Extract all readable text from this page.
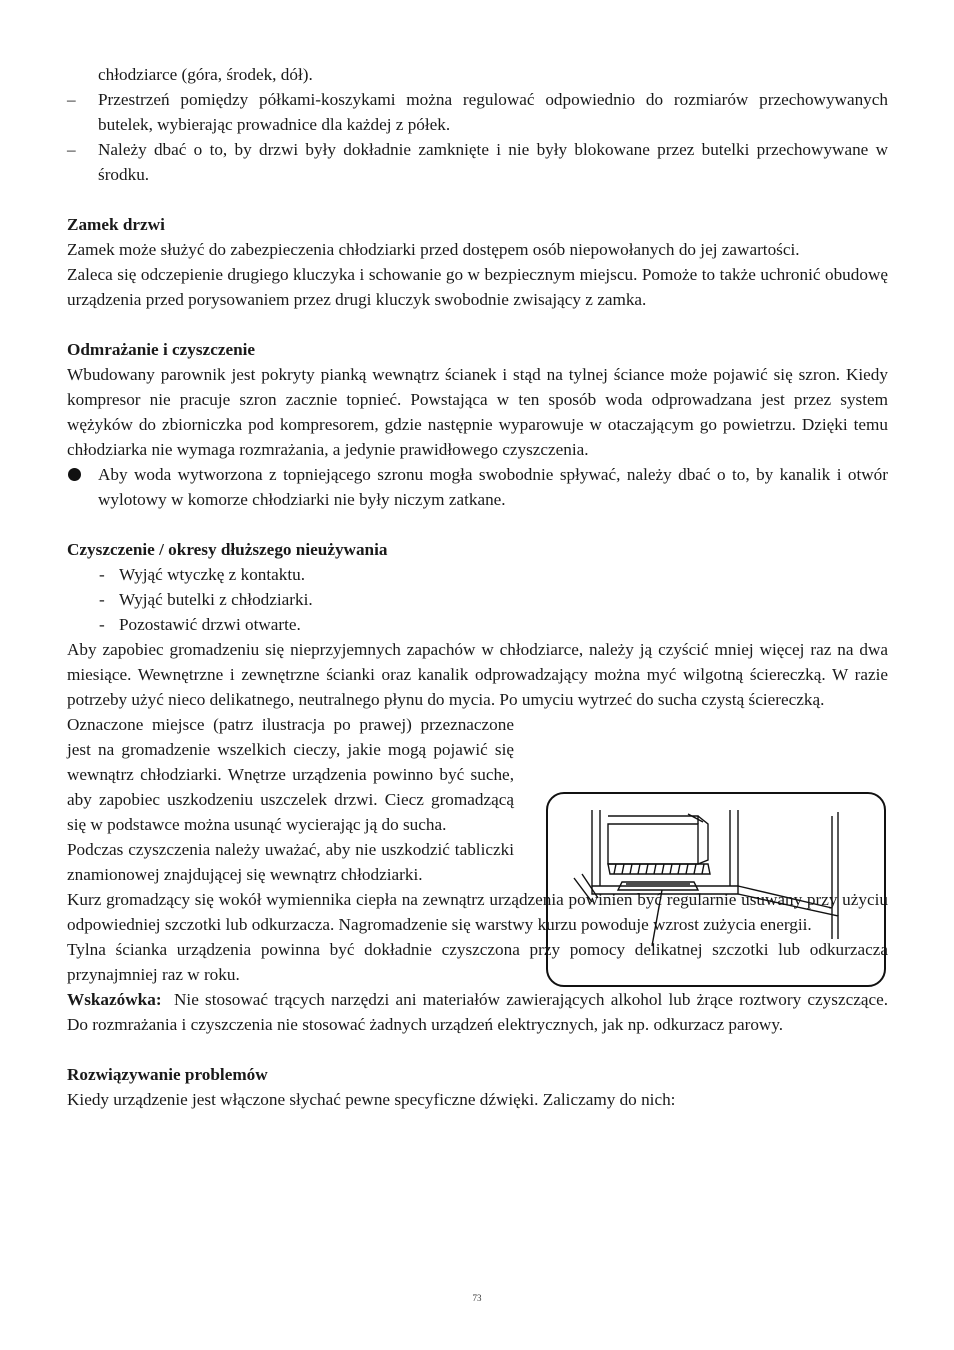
chłodziarce (góra, środek, dół).

– Przestrzeń pomiędzy półkami-koszykami można regulować odpowiednio do rozmiarów przechowywanych butelek, wybierając prowadnice dla każdej z półek.
– Należy dbać o to, by drzwi były dokładnie zamknięte i nie były blokowane przez butelki przechowywane w środku.
Zamek drzwi

Zamek może służyć do zabezpieczenia chłodziarki przed dostępem osób niepowołanych do jej zawartości.

Zaleca się odczepienie drugiego kluczyka i schowanie go w bezpiecznym miejscu. Pomoże to także uchronić obudowę urządzenia przed porysowaniem przez drugi kluczyk swobodnie zwisający z zamka.

Odmrażanie i czyszczenie

Wbudowany parownik jest pokryty pianką wewnątrz ścianek i stąd na tylnej ściance może pojawić się szron. Kiedy kompresor nie pracuje szron zacznie topnieć. Powstająca w ten sposób woda odprowadzana jest przez system wężyków do zbiorniczka pod kompresorem, gdzie następnie wyparowuje w otaczającym go powietrzu. Dzięki temu chłodziarka nie wymaga rozmrażania, a jedynie prawidłowego czyszczenia.

Aby woda wytworzona z topniejącego szronu mogła swobodnie spływać, należy dbać o to, by kanalik i otwór wylotowy w komorze chłodziarki nie były niczym zatkane.
Czyszczenie / okresy dłuższego nieużywania
- Wyjąć wtyczkę z kontaktu.
- Wyjąć butelki z chłodziarki.
- Pozostawić drzwi otwarte.

Aby zapobiec gromadzeniu się nieprzyjemnych zapachów w chłodziarce, należy ją czyścić mniej więcej raz na dwa miesiące. Wewnętrzne i zewnętrzne ścianki oraz kanalik odprowadzający można myć wilgotną ściereczką. W razie potrzeby użyć nieco delikatnego, neutralnego płynu do mycia. Po umyciu wytrzeć do sucha czystą ściereczką.

Oznaczone miejsce (patrz ilustracja po prawej) przeznaczone jest na gromadzenie wszelkich cieczy, jakie mogą pojawić się wewnątrz chłodziarki. Wnętrze urządzenia powinno być suche, aby zapobiec uszkodzeniu uszczelek drzwi. Ciecz gromadzącą się w podstawce można usunąć wycierając ją do sucha.

Podczas czyszczenia należy uważać, aby nie uszkodzić tabliczki znamionowej znajdującej się wewnątrz chłodziarki.

Kurz gromadzący się wokół wymiennika ciepła na zewnątrz urządzenia powinien być regularnie usuwany przy użyciu odpowiedniej szczotki lub odkurzacza. Nagromadzenie się warstwy kurzu powoduje wzrost zużycia energii.

Tylna ścianka urządzenia powinna być dokładnie czyszczona przy pomocy delikatnej szczotki lub odkurzacza przynajmniej raz w roku.

Wskazówka: Nie stosować trących narzędzi ani materiałów zawierających alkohol lub żrące roztwory czyszczące. Do rozmrażania i czyszczenia nie stosować żadnych urządzeń elektrycznych, jak np. odkurzacz parowy.

Rozwiązywanie problemów

Kiedy urządzenie jest włączone słychać pewne specyficzne dźwięki. Zaliczamy do nich:

73
